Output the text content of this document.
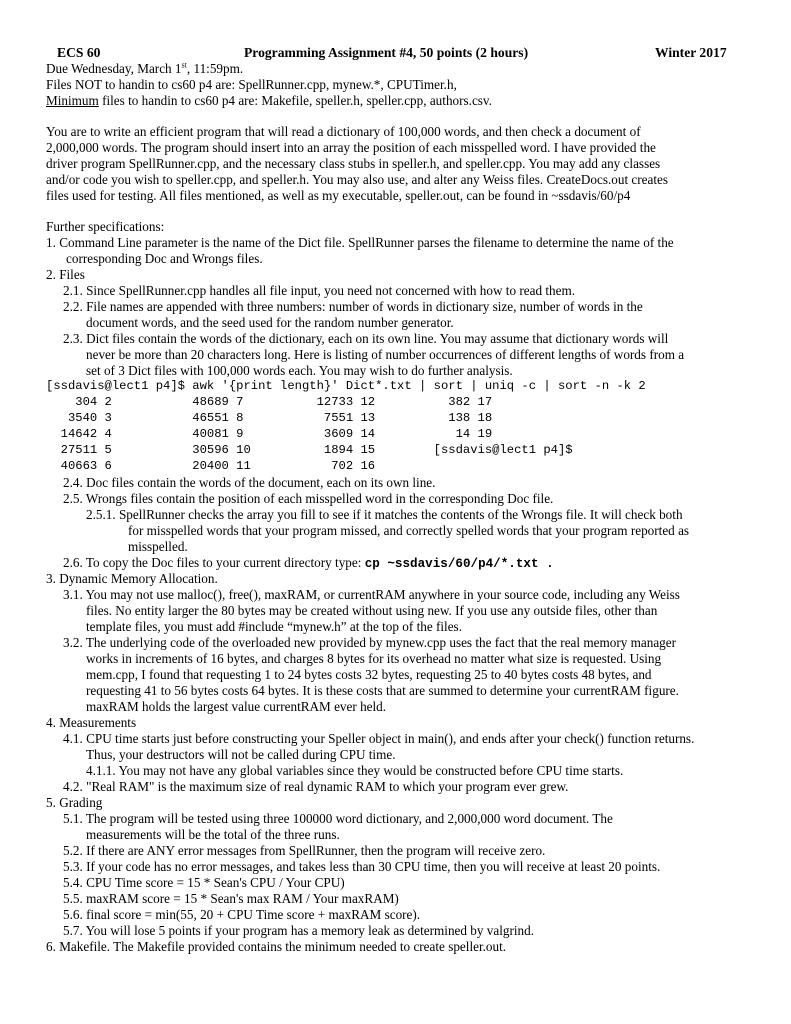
ECS 60	Programming Assignment #4, 50 points (2 hours)	Winter 2017
Due Wednesday, March 1st, 11:59pm.
Files NOT to handin to cs60 p4 are: SpellRunner.cpp, mynew.*, CPUTimer.h,
Minimum files to handin to cs60 p4 are: Makefile, speller.h, speller.cpp, authors.csv.
You are to write an efficient program that will read a dictionary of 100,000 words, and then check a document of
2,000,000 words. The program should insert into an array the position of each misspelled word. I have provided the
driver program SpellRunner.cpp, and the necessary class stubs in speller.h, and speller.cpp. You may add any classes
and/or code you wish to speller.cpp, and speller.h. You may also use, and alter any Weiss files. CreateDocs.out creates
files used for testing. All files mentioned, as well as my executable, speller.out, can be found in ~ssdavis/60/p4
Further specifications:
1. Command Line parameter is the name of the Dict file. SpellRunner parses the filename to determine the name of the
corresponding Doc and Wrongs files.
2. Files
2.1. Since SpellRunner.cpp handles all file input, you need not concerned with how to read them.
2.2. File names are appended with three numbers: number of words in dictionary size, number of words in the
document words, and the seed used for the random number generator.
2.3. Dict files contain the words of the dictionary, each on its own line. You may assume that dictionary words will
never be more than 20 characters long. Here is listing of number occurrences of different lengths of words from a
set of 3 Dict files with 100,000 words each. You may wish to do further analysis.
[ssdavis@lect1 p4]$ awk '{print length}' Dict*.txt | sort | uniq -c | sort -n -k 2
304 2           48689 7          12733 12          382 17
3540 3           46551 8           7551 13          138 18
14642 4           40081 9           3609 14           14 19
27511 5           30596 10          1894 15        [ssdavis@lect1 p4]$
40663 6           20400 11           702 16
2.4. Doc files contain the words of the document, each on its own line.
2.5. Wrongs files contain the position of each misspelled word in the corresponding Doc file.
2.5.1. SpellRunner checks the array you fill to see if it matches the contents of the Wrongs file. It will check both
for misspelled words that your program missed, and correctly spelled words that your program reported as
misspelled.
2.6. To copy the Doc files to your current directory type: cp ~ssdavis/60/p4/*.txt .
3. Dynamic Memory Allocation.
3.1. You may not use malloc(), free(), maxRAM, or currentRAM anywhere in your source code, including any Weiss
files. No entity larger the 80 bytes may be created without using new. If you use any outside files, other than
template files, you must add #include “mynew.h” at the top of the files.
3.2. The underlying code of the overloaded new provided by mynew.cpp uses the fact that the real memory manager
works in increments of 16 bytes, and charges 8 bytes for its overhead no matter what size is requested. Using
mem.cpp, I found that requesting 1 to 24 bytes costs 32 bytes, requesting 25 to 40 bytes costs 48 bytes, and
requesting 41 to 56 bytes costs 64 bytes. It is these costs that are summed to determine your currentRAM figure.
maxRAM holds the largest value currentRAM ever held.
4. Measurements
4.1. CPU time starts just before constructing your Speller object in main(), and ends after your check() function returns.
Thus, your destructors will not be called during CPU time.
4.1.1. You may not have any global variables since they would be constructed before CPU time starts.
4.2. "Real RAM" is the maximum size of real dynamic RAM to which your program ever grew.
5. Grading
5.1. The program will be tested using three 100000 word dictionary, and 2,000,000 word document. The
measurements will be the total of the three runs.
5.2. If there are ANY error messages from SpellRunner, then the program will receive zero.
5.3. If your code has no error messages, and takes less than 30 CPU time, then you will receive at least 20 points.
5.4. CPU Time score = 15 * Sean's CPU / Your CPU)
5.5. maxRAM score = 15 * Sean's max RAM / Your maxRAM)
5.6. final score = min(55, 20 + CPU Time score + maxRAM score).
5.7. You will lose 5 points if your program has a memory leak as determined by valgrind.
6. Makefile. The Makefile provided contains the minimum needed to create speller.out.
